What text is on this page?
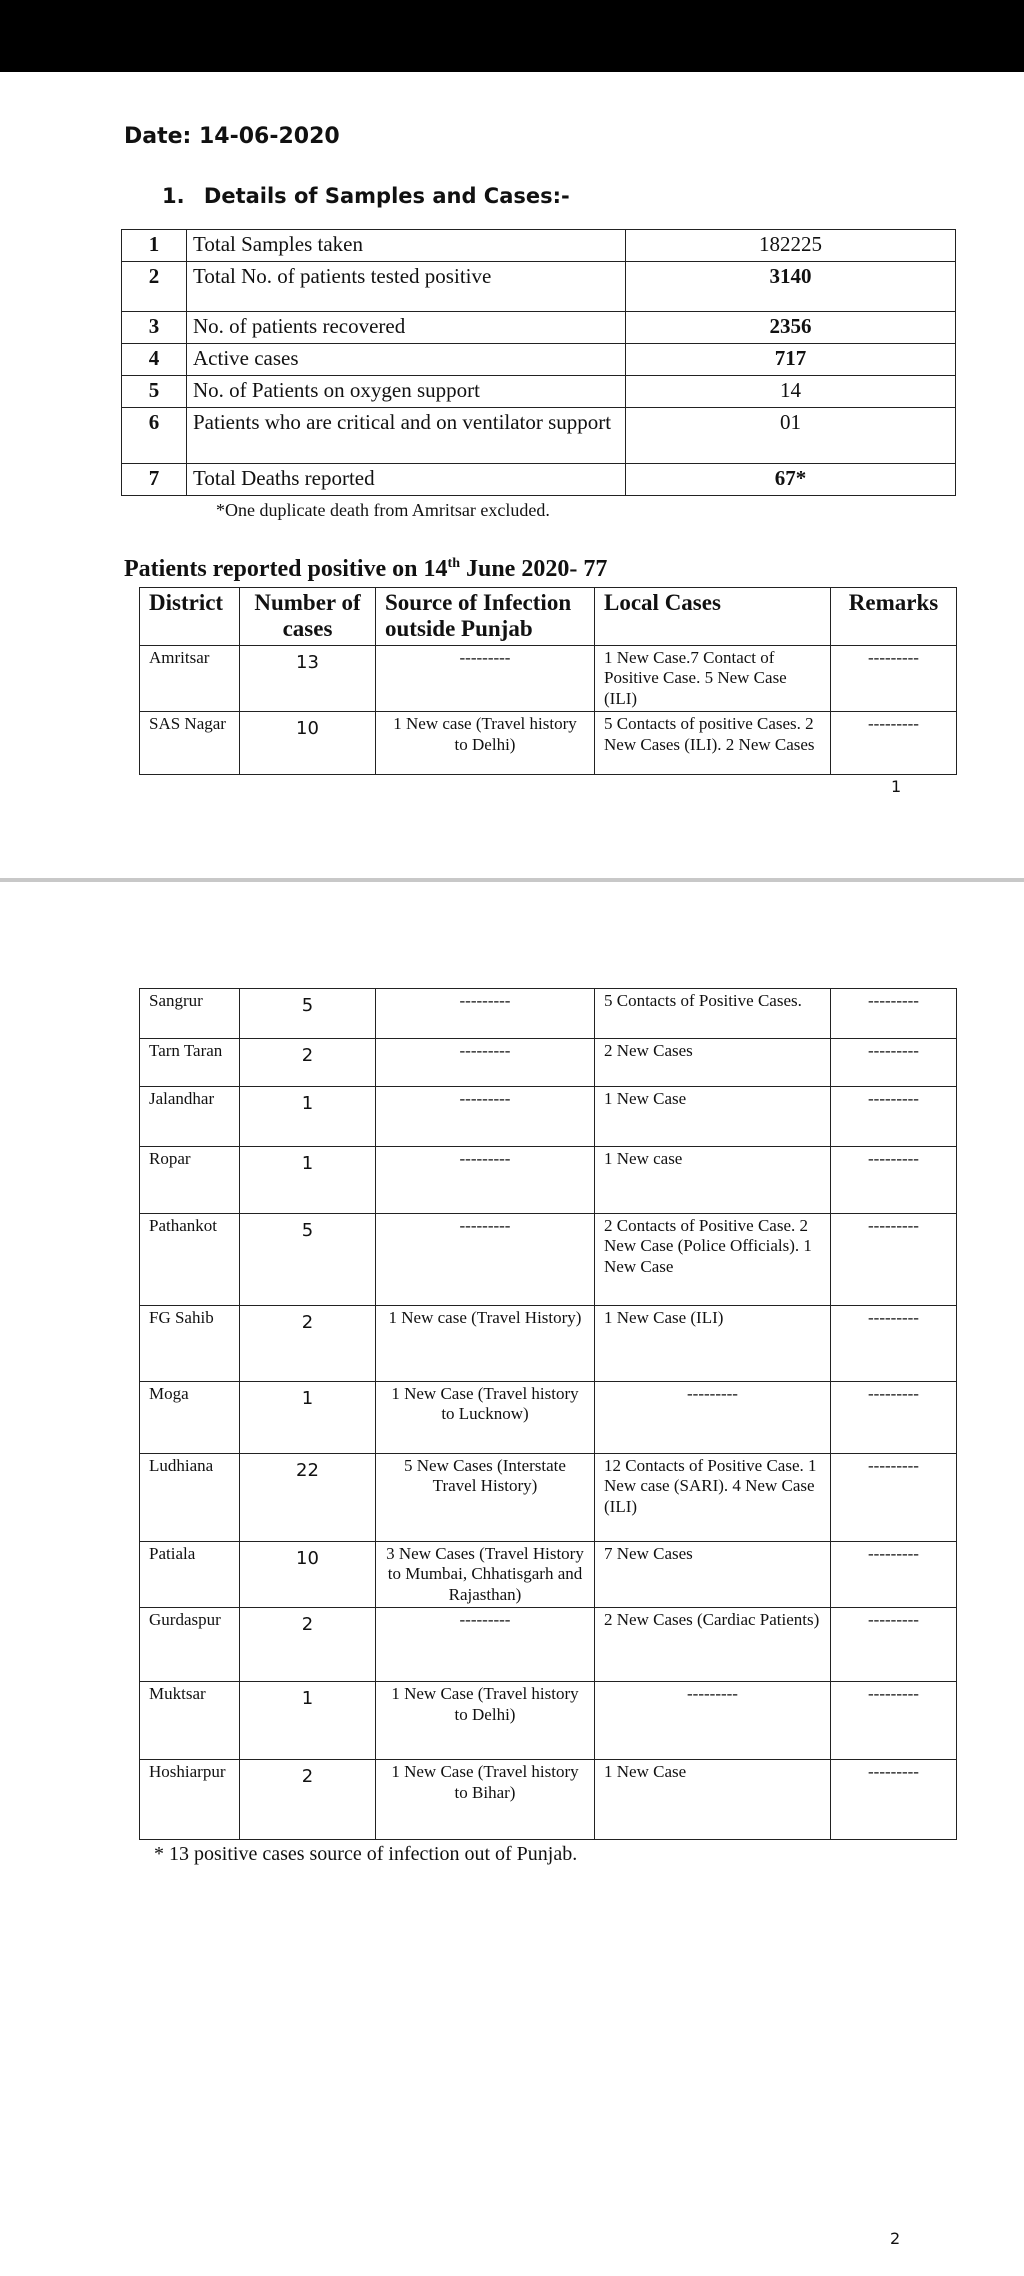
Date: 14-06-2020
1. Details of Samples and Cases:-
1	Total Samples taken	182225
2	Total No. of patients tested positive	3140
3	No. of patients recovered	2356
4	Active cases	717
5	No. of Patients on oxygen support	14
6	Patients who are critical and on ventilator support	01
7	Total Deaths reported	67*
*One duplicate death from Amritsar excluded.
Patients reported positive on 14th June 2020- 77
District	Number of cases	Source of Infection outside Punjab	Local Cases	Remarks
Amritsar	13	---------	1 New Case.7 Contact of Positive Case. 5 New Case (ILI)	---------
SAS Nagar	10	1 New case (Travel history to Delhi)	5 Contacts of positive Cases. 2 New Cases (ILI). 2 New Cases	---------
1
Sangrur	5	---------	5 Contacts of Positive Cases.	---------
Tarn Taran	2	---------	2 New Cases	---------
Jalandhar	1	---------	1 New Case	---------
Ropar	1	---------	1 New case	---------
Pathankot	5	---------	2 Contacts of Positive Case. 2 New Case (Police Officials). 1 New Case	---------
FG Sahib	2	1 New case (Travel History)	1 New Case (ILI)	---------
Moga	1	1 New Case (Travel history to Lucknow)	---------	---------
Ludhiana	22	5 New Cases (Interstate Travel History)	12 Contacts of Positive Case. 1 New case (SARI). 4 New Case (ILI)	---------
Patiala	10	3 New Cases (Travel History to Mumbai, Chhatisgarh and Rajasthan)	7 New Cases	---------
Gurdaspur	2	---------	2 New Cases (Cardiac Patients)	---------
Muktsar	1	1 New Case (Travel history to Delhi)	---------	---------
Hoshiarpur	2	1 New Case (Travel history to Bihar)	1 New Case	---------
* 13 positive cases source of infection out of Punjab.
2
